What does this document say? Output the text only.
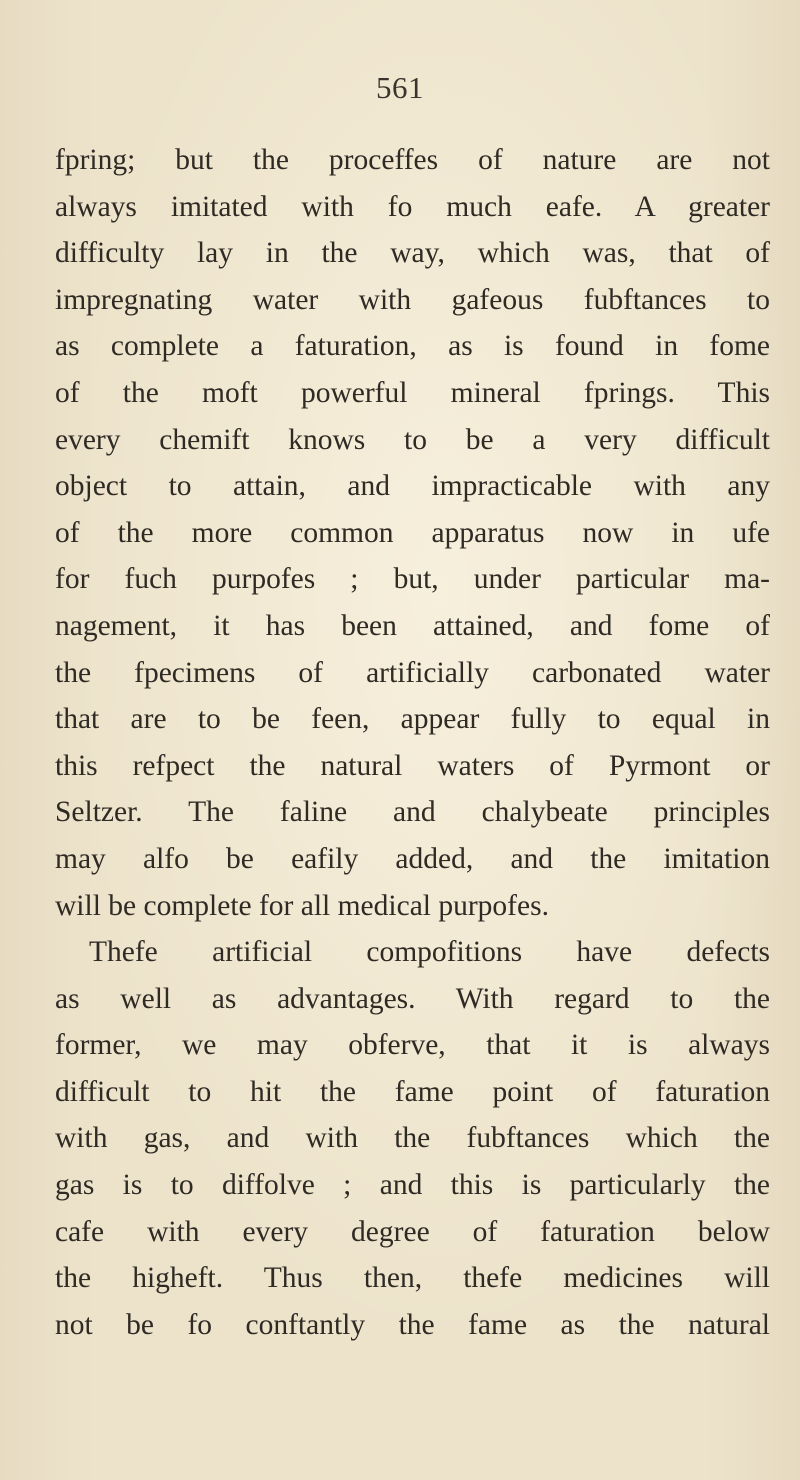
561
fpring; but the proceffes of nature are not
always imitated with fo much eafe. A greater
difficulty lay in the way, which was, that of
impregnating water with gafeous fubftances to
as complete a faturation, as is found in fome
of the moft powerful mineral fprings. This
every chemift knows to be a very difficult
object to attain, and impracticable with any
of the more common apparatus now in ufe
for fuch purpofes ; but, under particular ma-
nagement, it has been attained, and fome of
the fpecimens of artificially carbonated water
that are to be feen, appear fully to equal in
this refpect the natural waters of Pyrmont or
Seltzer. The faline and chalybeate principles
may alfo be eafily added, and the imitation
will be complete for all medical purpofes.
Thefe artificial compofitions have defects
as well as advantages. With regard to the
former, we may obferve, that it is always
difficult to hit the fame point of faturation
with gas, and with the fubftances which the
gas is to diffolve ; and this is particularly the
cafe with every degree of faturation below
the higheft. Thus then, thefe medicines will
not be fo conftantly the fame as the natural
